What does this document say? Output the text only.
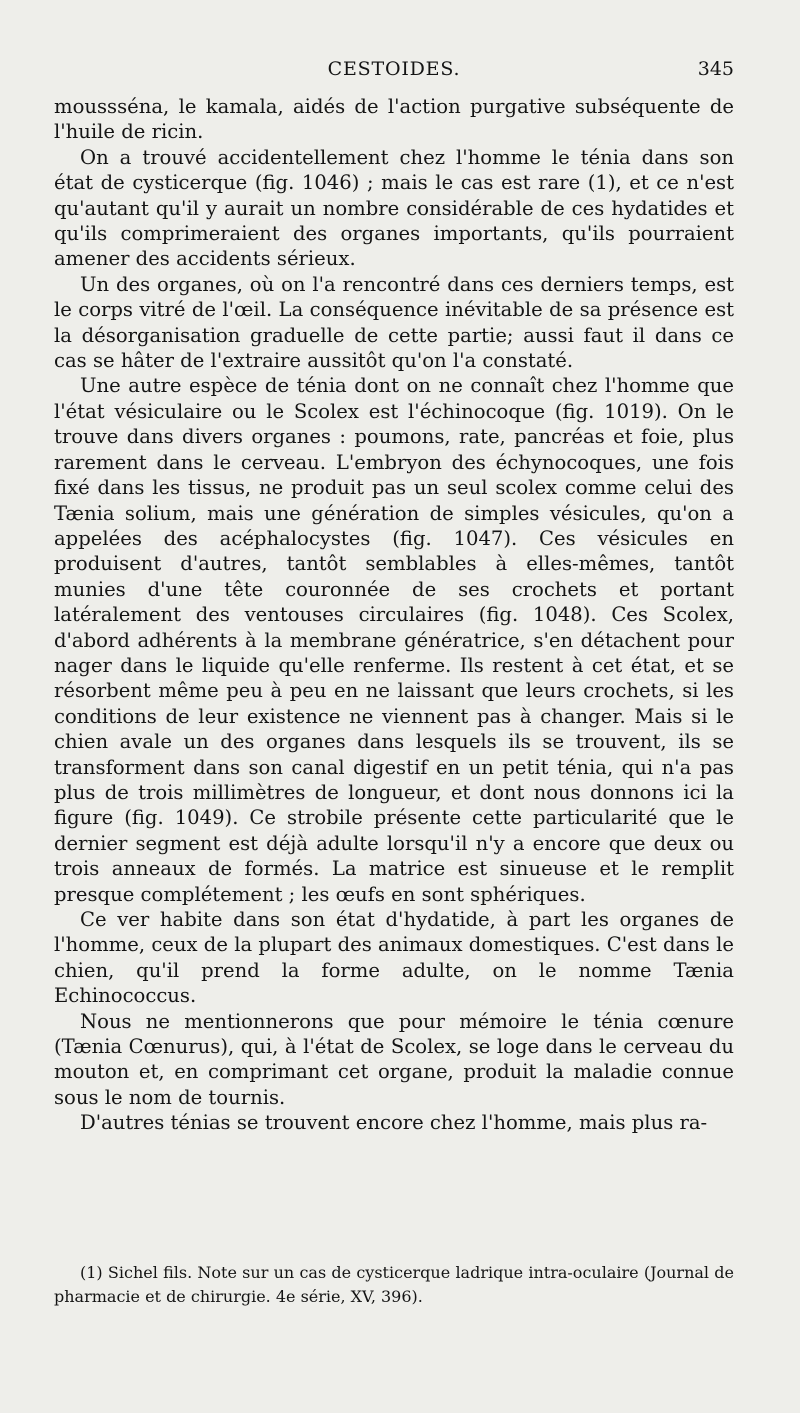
CESTOIDES.	345

moussséna, le kamala, aidés de l'action purgative subséquente de l'huile de ricin.

On a trouvé accidentellement chez l'homme le ténia dans son état de cysticerque (fig. 1046) ; mais le cas est rare (1), et ce n'est qu'autant qu'il y aurait un nombre considérable de ces hydatides et qu'ils comprimeraient des organes importants, qu'ils pourraient amener des accidents sérieux.

Un des organes, où on l'a rencontré dans ces derniers temps, est le corps vitré de l'œil. La conséquence inévitable de sa présence est la désorganisation graduelle de cette partie; aussi faut il dans ce cas se hâter de l'extraire aussitôt qu'on l'a constaté.

Une autre espèce de ténia dont on ne connaît chez l'homme que l'état vésiculaire ou le Scolex est l'échinocoque (fig. 1019). On le trouve dans divers organes : poumons, rate, pancréas et foie, plus rarement dans le cerveau. L'embryon des échynocoques, une fois fixé dans les tissus, ne produit pas un seul scolex comme celui des Tænia solium, mais une génération de simples vésicules, qu'on a appelées des acéphalocystes (fig. 1047). Ces vésicules en produisent d'autres, tantôt semblables à elles-mêmes, tantôt munies d'une tête couronnée de ses crochets et portant latéralement des ventouses circulaires (fig. 1048). Ces Scolex, d'abord adhérents à la membrane génératrice, s'en détachent pour nager dans le liquide qu'elle renferme. Ils restent à cet état, et se résorbent même peu à peu en ne laissant que leurs crochets, si les conditions de leur existence ne viennent pas à changer. Mais si le chien avale un des organes dans lesquels ils se trouvent, ils se transforment dans son canal digestif en un petit ténia, qui n'a pas plus de trois millimètres de longueur, et dont nous donnons ici la figure (fig. 1049). Ce strobile présente cette particularité que le dernier segment est déjà adulte lorsqu'il n'y a encore que deux ou trois anneaux de formés. La matrice est sinueuse et le remplit presque complétement ; les œufs en sont sphériques.

Ce ver habite dans son état d'hydatide, à part les organes de l'homme, ceux de la plupart des animaux domestiques. C'est dans le chien, qu'il prend la forme adulte, on le nomme Tænia Echinococcus.

Nous ne mentionnerons que pour mémoire le ténia cœnure (Tænia Cœnurus), qui, à l'état de Scolex, se loge dans le cerveau du mouton et, en comprimant cet organe, produit la maladie connue sous le nom de tournis.

D'autres ténias se trouvent encore chez l'homme, mais plus ra-

(1) Sichel fils. Note sur un cas de cysticerque ladrique intra-oculaire (Journal de pharmacie et de chirurgie. 4e série, XV, 396).
